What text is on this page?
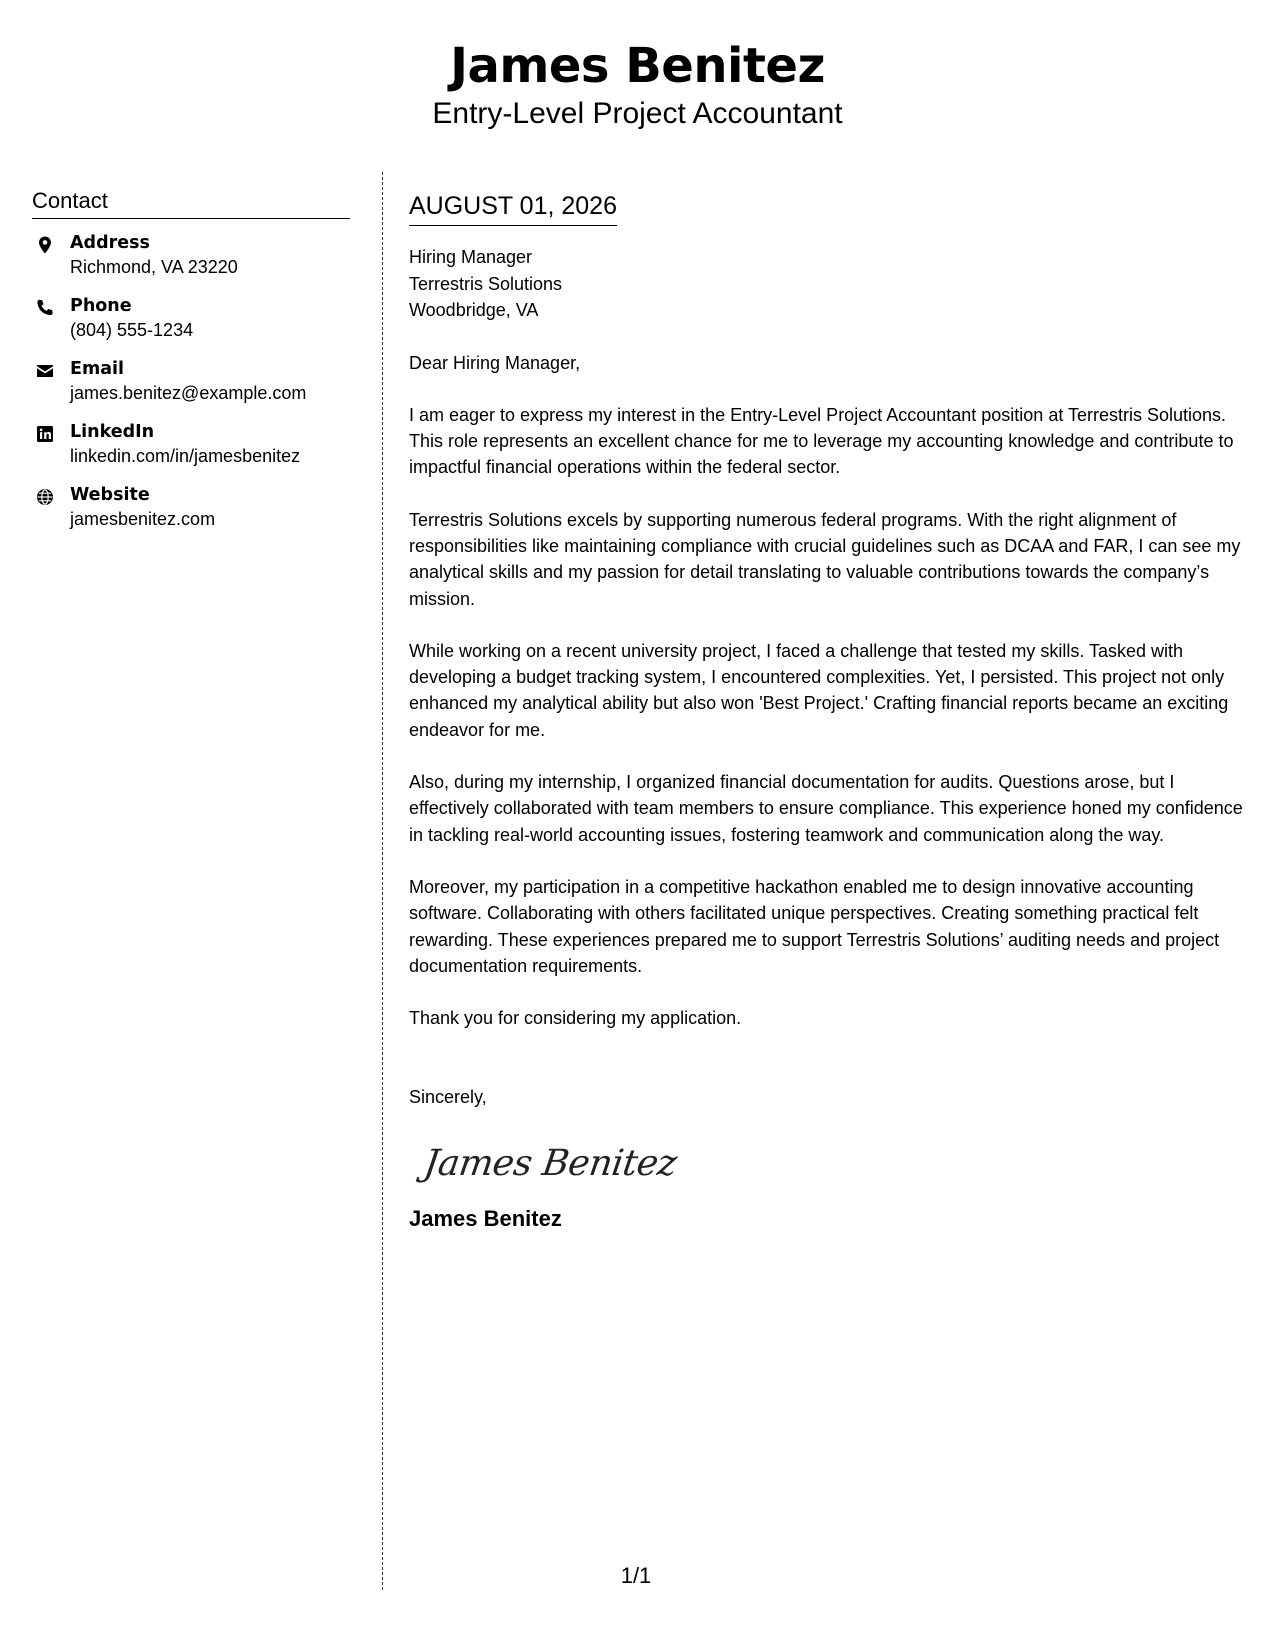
James Benitez
Entry-Level Project Accountant
Contact
Address
Richmond, VA 23220
Phone
(804) 555-1234
Email
james.benitez@example.com
LinkedIn
linkedin.com/in/jamesbenitez
Website
jamesbenitez.com
AUGUST 01, 2026
Hiring Manager
Terrestris Solutions
Woodbridge, VA
Dear Hiring Manager,
I am eager to express my interest in the Entry-Level Project Accountant position at Terrestris Solutions. This role represents an excellent chance for me to leverage my accounting knowledge and contribute to impactful financial operations within the federal sector.
Terrestris Solutions excels by supporting numerous federal programs. With the right alignment of responsibilities like maintaining compliance with crucial guidelines such as DCAA and FAR, I can see my analytical skills and my passion for detail translating to valuable contributions towards the company’s mission.
While working on a recent university project, I faced a challenge that tested my skills. Tasked with developing a budget tracking system, I encountered complexities. Yet, I persisted. This project not only enhanced my analytical ability but also won 'Best Project.' Crafting financial reports became an exciting endeavor for me.
Also, during my internship, I organized financial documentation for audits. Questions arose, but I effectively collaborated with team members to ensure compliance. This experience honed my confidence in tackling real-world accounting issues, fostering teamwork and communication along the way.
Moreover, my participation in a competitive hackathon enabled me to design innovative accounting software. Collaborating with others facilitated unique perspectives. Creating something practical felt rewarding. These experiences prepared me to support Terrestris Solutions’ auditing needs and project documentation requirements.
Thank you for considering my application.
Sincerely,
James Benitez
James Benitez
1/1
